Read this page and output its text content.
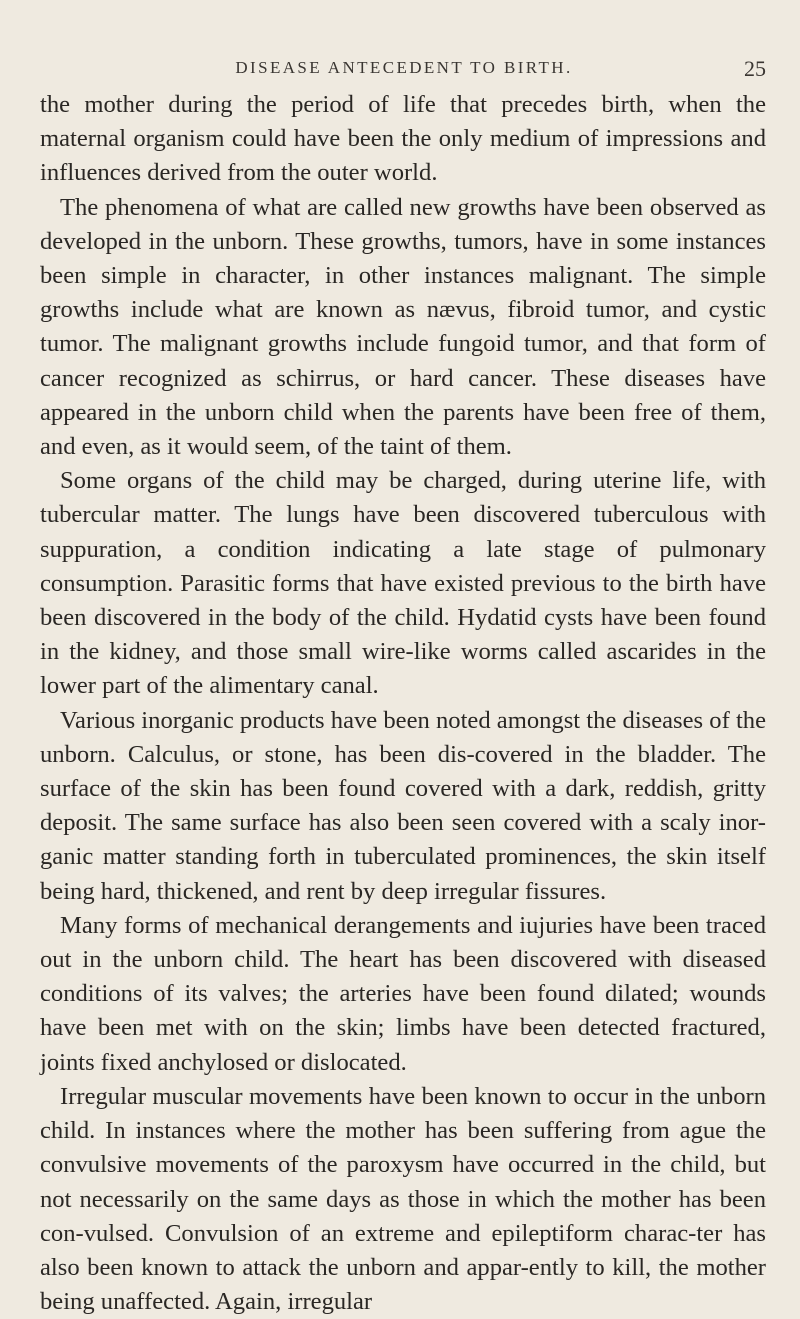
DISEASE ANTECEDENT TO BIRTH.	25

the mother during the period of life that precedes birth, when the maternal organism could have been the only medium of impressions and influences derived from the outer world.

The phenomena of what are called new growths have been observed as developed in the unborn. These growths, tumors, have in some instances been simple in character, in other instances malignant. The simple growths include what are known as nævus, fibroid tumor, and cystic tumor. The malignant growths include fungoid tumor, and that form of cancer recognized as schirrus, or hard cancer. These diseases have appeared in the unborn child when the parents have been free of them, and even, as it would seem, of the taint of them.

Some organs of the child may be charged, during uterine life, with tubercular matter. The lungs have been discovered tuberculous with suppuration, a condition indicating a late stage of pulmonary consumption. Parasitic forms that have existed previous to the birth have been discovered in the body of the child. Hydatid cysts have been found in the kidney, and those small wire-like worms called ascarides in the lower part of the alimentary canal.

Various inorganic products have been noted amongst the diseases of the unborn. Calculus, or stone, has been dis-covered in the bladder. The surface of the skin has been found covered with a dark, reddish, gritty deposit. The same surface has also been seen covered with a scaly inor-ganic matter standing forth in tuberculated prominences, the skin itself being hard, thickened, and rent by deep irregular fissures.

Many forms of mechanical derangements and iujuries have been traced out in the unborn child. The heart has been discovered with diseased conditions of its valves; the arteries have been found dilated; wounds have been met with on the skin; limbs have been detected fractured, joints fixed anchylosed or dislocated.

Irregular muscular movements have been known to occur in the unborn child. In instances where the mother has been suffering from ague the convulsive movements of the paroxysm have occurred in the child, but not necessarily on the same days as those in which the mother has been con-vulsed. Convulsion of an extreme and epileptiform charac-ter has also been known to attack the unborn and appar-ently to kill, the mother being unaffected. Again, irregular
